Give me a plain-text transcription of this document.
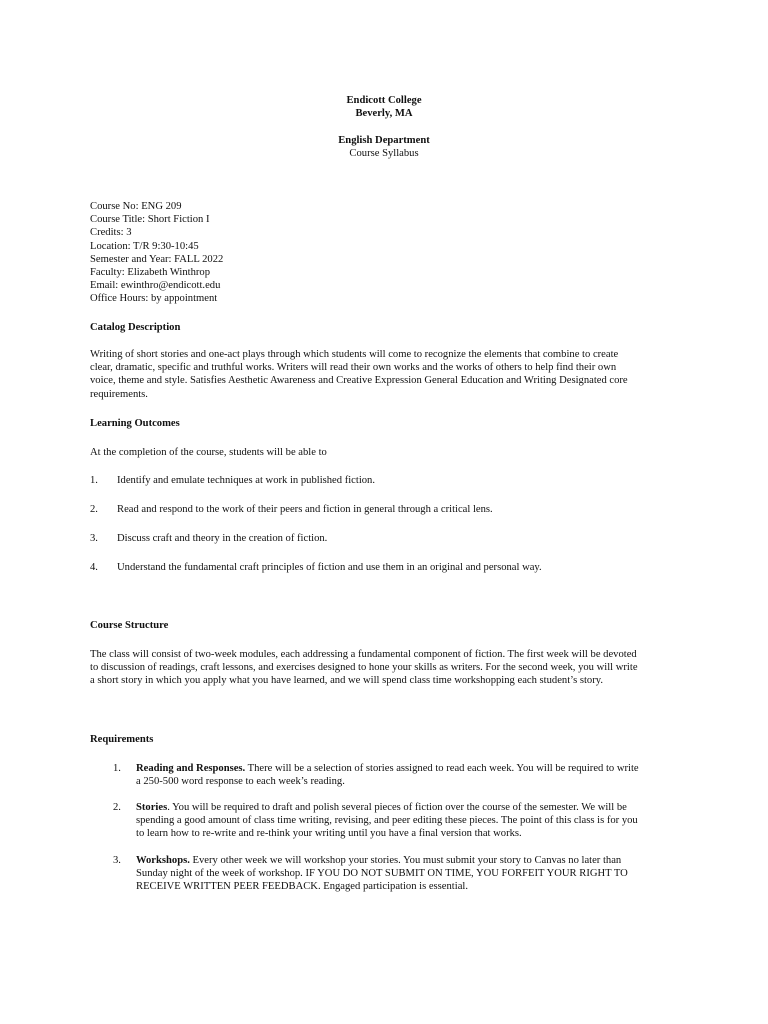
Endicott College
Beverly, MA
English Department
Course Syllabus
Course No: ENG 209
Course Title: Short Fiction I
Credits: 3
Location: T/R 9:30-10:45
Semester and Year: FALL 2022
Faculty: Elizabeth Winthrop
Email: ewinthro@endicott.edu
Office Hours: by appointment
Catalog Description
Writing of short stories and one-act plays through which students will come to recognize the elements that combine to create
clear, dramatic, specific and truthful works. Writers will read their own works and the works of others to help find their own
voice, theme and style. Satisfies Aesthetic Awareness and Creative Expression General Education and Writing Designated core
requirements.
Learning Outcomes
At the completion of the course, students will be able to
1. Identify and emulate techniques at work in published fiction.
2. Read and respond to the work of their peers and fiction in general through a critical lens.
3. Discuss craft and theory in the creation of fiction.
4. Understand the fundamental craft principles of fiction and use them in an original and personal way.
Course Structure
The class will consist of two-week modules, each addressing a fundamental component of fiction. The first week will be devoted
to discussion of readings, craft lessons, and exercises designed to hone your skills as writers. For the second week, you will write
a short story in which you apply what you have learned, and we will spend class time workshopping each student’s story.
Requirements
1. Reading and Responses. There will be a selection of stories assigned to read each week. You will be required to write
a 250-500 word response to each week’s reading.
2. Stories. You will be required to draft and polish several pieces of fiction over the course of the semester. We will be
spending a good amount of class time writing, revising, and peer editing these pieces. The point of this class is for you
to learn how to re-write and re-think your writing until you have a final version that works.
3. Workshops. Every other week we will workshop your stories. You must submit your story to Canvas no later than
Sunday night of the week of workshop. IF YOU DO NOT SUBMIT ON TIME, YOU FORFEIT YOUR RIGHT TO
RECEIVE WRITTEN PEER FEEDBACK. Engaged participation is essential.
